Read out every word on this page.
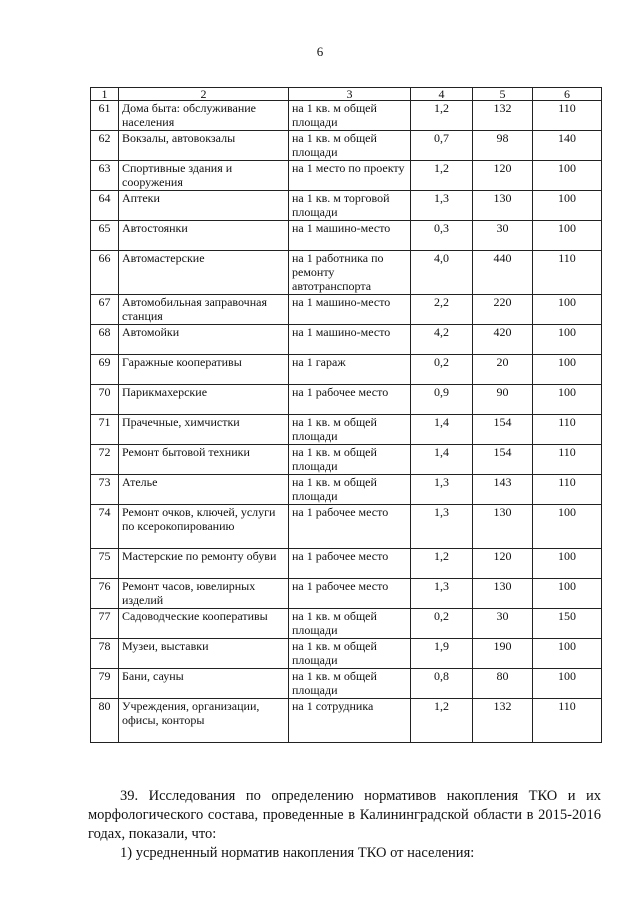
6
1	2	3	4	5	6
61	Дома быта: обслуживание населения	на 1 кв. м общей площади	1,2	132	110
62	Вокзалы, автовокзалы	на 1 кв. м общей площади	0,7	98	140
63	Спортивные здания и сооружения	на 1 место по проекту	1,2	120	100
64	Аптеки	на 1 кв. м торговой площади	1,3	130	100
65	Автостоянки	на 1 машино-место	0,3	30	100
66	Автомастерские	на 1 работника по ремонту автотранспорта	4,0	440	110
67	Автомобильная заправочная станция	на 1 машино-место	2,2	220	100
68	Автомойки	на 1 машино-место	4,2	420	100
69	Гаражные кооперативы	на 1 гараж	0,2	20	100
70	Парикмахерские	на 1 рабочее место	0,9	90	100
71	Прачечные, химчистки	на 1 кв. м общей площади	1,4	154	110
72	Ремонт бытовой техники	на 1 кв. м общей площади	1,4	154	110
73	Ателье	на 1 кв. м общей площади	1,3	143	110
74	Ремонт очков, ключей, услуги по ксерокопированию	на 1 рабочее место	1,3	130	100
75	Мастерские по ремонту обуви	на 1 рабочее место	1,2	120	100
76	Ремонт часов, ювелирных изделий	на 1 рабочее место	1,3	130	100
77	Садоводческие кооперативы	на 1 кв. м общей площади	0,2	30	150
78	Музеи, выставки	на 1 кв. м общей площади	1,9	190	100
79	Бани, сауны	на 1 кв. м общей площади	0,8	80	100
80	Учреждения, организации, офисы, конторы	на 1 сотрудника	1,2	132	110

39. Исследования по определению нормативов накопления ТКО и их морфологического состава, проведенные в Калининградской области в 2015-2016 годах, показали, что:

1) усредненный норматив накопления ТКО от населения:
